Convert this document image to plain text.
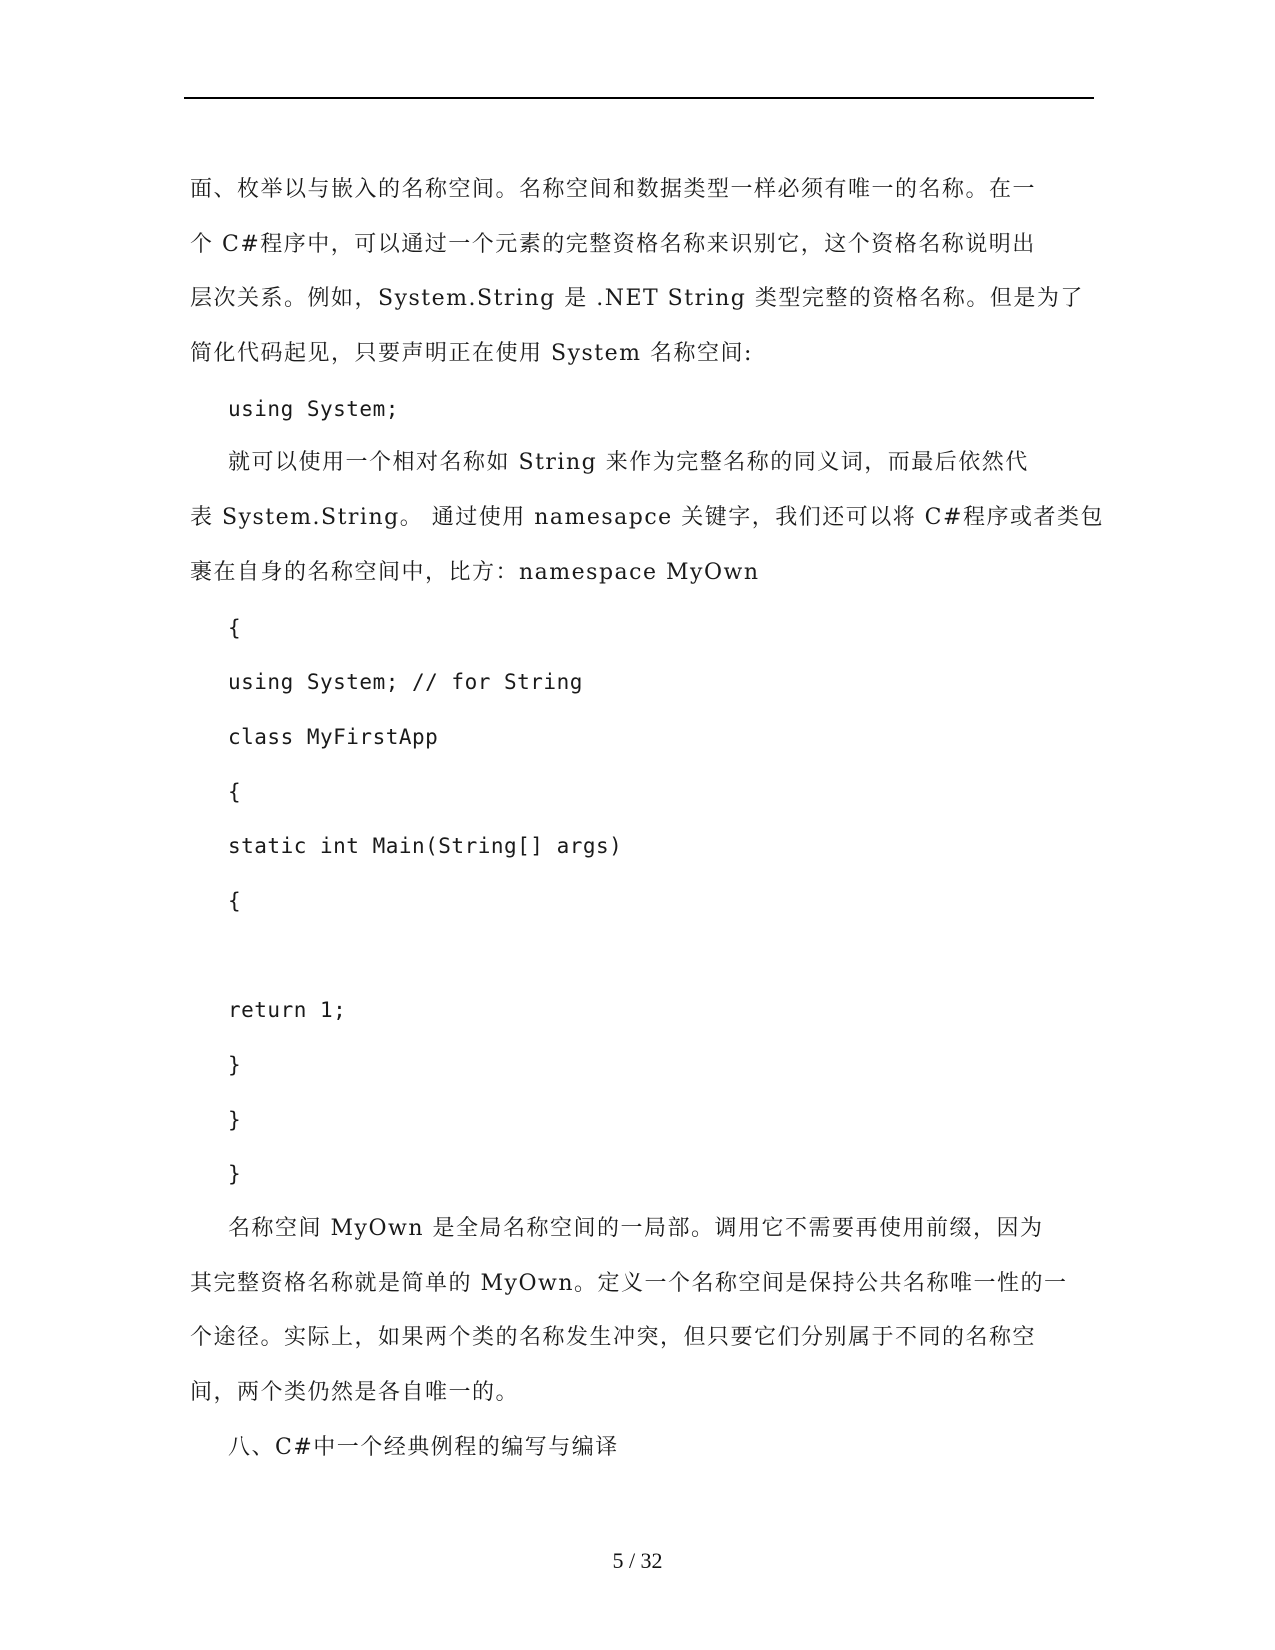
面、枚举以与嵌入的名称空间。名称空间和数据类型一样必须有唯一的名称。在一
个 C#程序中，可以通过一个元素的完整资格名称来识别它，这个资格名称说明出
层次关系。例如，System.String 是 .NET String 类型完整的资格名称。但是为了
简化代码起见，只要声明正在使用 System 名称空间:
using System;
就可以使用一个相对名称如 String 来作为完整名称的同义词，而最后依然代
表 System.String。 通过使用 namesapce 关键字，我们还可以将 C#程序或者类包
裹在自身的名称空间中，比方：namespace MyOwn
{
using System; // for String
class MyFirstApp
{
static int Main(String[] args)
{
return 1;
}
}
}
名称空间 MyOwn 是全局名称空间的一局部。调用它不需要再使用前缀，因为
其完整资格名称就是简单的 MyOwn。定义一个名称空间是保持公共名称唯一性的一
个途径。实际上，如果两个类的名称发生冲突，但只要它们分别属于不同的名称空
间，两个类仍然是各自唯一的。
八、C#中一个经典例程的编写与编译
5 / 32
